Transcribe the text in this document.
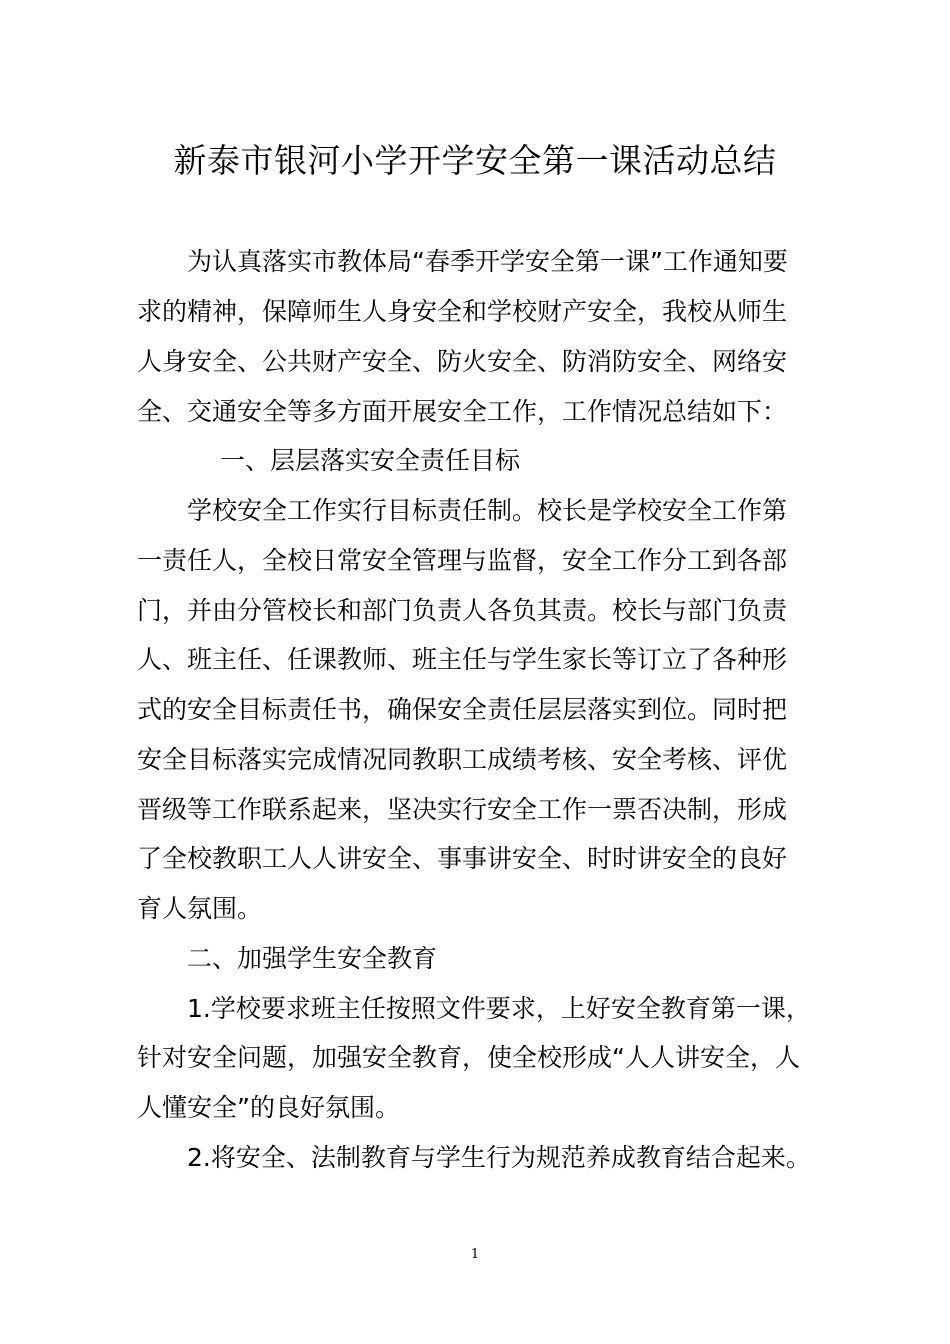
新泰市银河小学开学安全第一课活动总结
为认真落实市教体局“春季开学安全第一课”工作通知要
求的精神，保障师生人身安全和学校财产安全，我校从师生
人身安全、公共财产安全、防火安全、防消防安全、网络安
全、交通安全等多方面开展安全工作，工作情况总结如下：
一、层层落实安全责任目标
学校安全工作实行目标责任制。校长是学校安全工作第
一责任人，全校日常安全管理与监督，安全工作分工到各部
门，并由分管校长和部门负责人各负其责。校长与部门负责
人、班主任、任课教师、班主任与学生家长等订立了各种形
式的安全目标责任书，确保安全责任层层落实到位。同时把
安全目标落实完成情况同教职工成绩考核、安全考核、评优
晋级等工作联系起来，坚决实行安全工作一票否决制，形成
了全校教职工人人讲安全、事事讲安全、时时讲安全的良好
育人氛围。
二、加强学生安全教育
1.学校要求班主任按照文件要求，上好安全教育第一课，
针对安全问题，加强安全教育，使全校形成“人人讲安全，人
人懂安全”的良好氛围。
2.将安全、法制教育与学生行为规范养成教育结合起来。
1
